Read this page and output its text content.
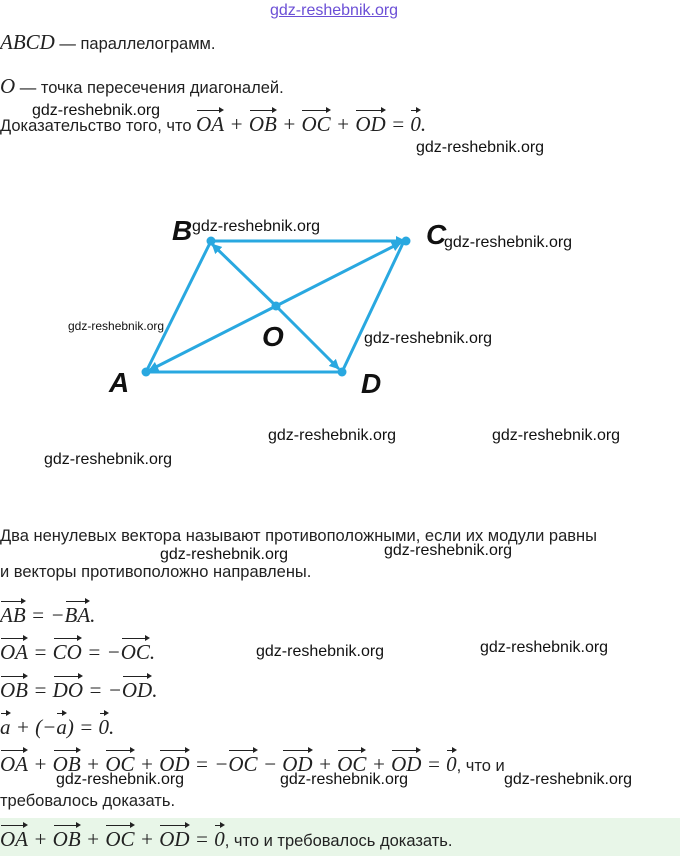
gdz-reshebnik.org
ABCD — параллелограмм.
O — точка пересечения диагоналей.
gdz-reshebnik.org
Доказательство того, что OA + OB + OC + OD = 0.
gdz-reshebnik.org
A
B	C
D
O
gdz-reshebnik.org
gdz-reshebnik.org
gdz-reshebnik.org
gdz-reshebnik.org
gdz-reshebnik.org	gdz-reshebnik.org
gdz-reshebnik.org
Два ненулевых вектора называют противоположными, если их модули равны
gdz-reshebnik.org	gdz-reshebnik.org
и векторы противоположно направлены.
AB = −BA.
OA = CO = −OC.	gdz-reshebnik.org	gdz-reshebnik.org
OB = DO = −OD.
a + (−a) = 0.
OA + OB + OC + OD = −OC − OD + OC + OD = 0, что и
gdz-reshebnik.org	gdz-reshebnik.org	gdz-reshebnik.org
требовалось доказать.
OA + OB + OC + OD = 0, что и требовалось доказать.
